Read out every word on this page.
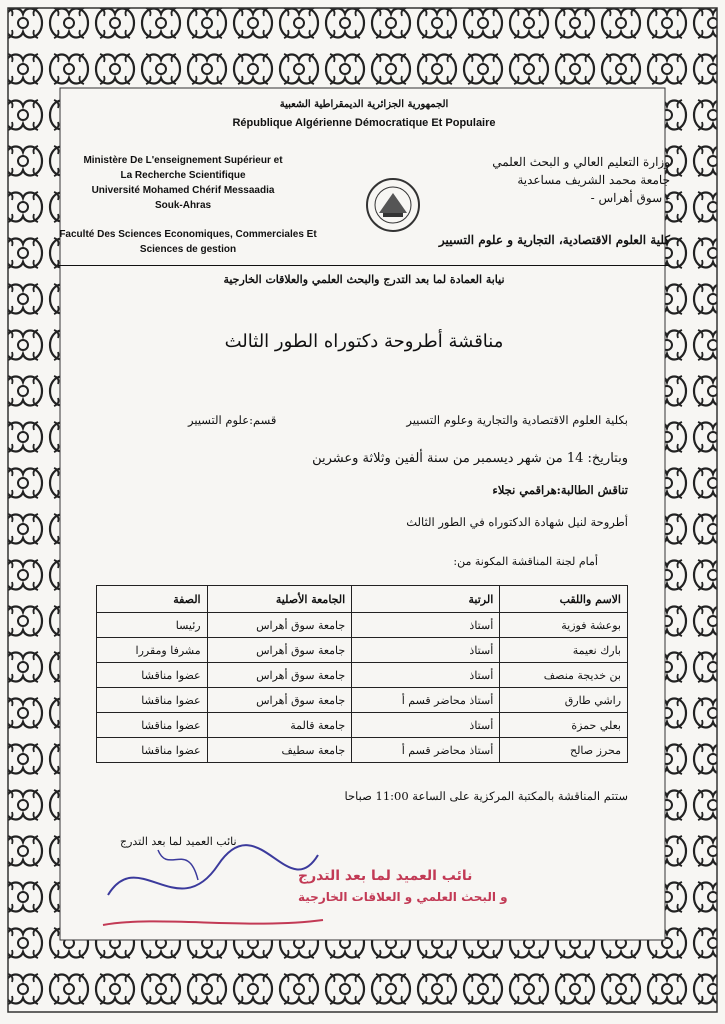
الجمهورية الجزائرية الديمقراطية الشعبية
République Algérienne Démocratique Et Populaire
Ministère De L'enseignement Supérieur et
La Recherche Scientifique
Université Mohamed Chérif Messaadia
Souk-Ahras
وزارة التعليم العالي و البحث العلمي
جامعة محمد الشريف مساعدية
- سوق أهراس -
Faculté Des Sciences Economiques, Commerciales Et
Sciences de gestion
كلية العلوم الاقتصادية، التجارية و علوم التسيير
نيابة العمادة لما بعد التدرج والبحث العلمي والعلاقات الخارجية
مناقشة أطروحة دكتوراه الطور الثالث
بكلية العلوم الاقتصادية والتجارية وعلوم التسيير
قسم:علوم التسيير
وبتاريخ: 14 من شهر ديسمبر من سنة ألفين وثلاثة وعشرين
تناقش الطالبة:هراقمي نجلاء
أطروحة لنيل شهادة الدكتوراه في الطور الثالث
أمام لجنة المناقشة المكونة من:
الاسم واللقب	الرتبة	الجامعة الأصلية	الصفة
بوعشة فوزية	أستاذ	جامعة سوق أهراس	رئيسا
بارك نعيمة	أستاذ	جامعة سوق أهراس	مشرفا ومقررا
بن خديجة منصف	أستاذ	جامعة سوق أهراس	عضوا مناقشا
راشي طارق	أستاذ محاضر قسم أ	جامعة سوق أهراس	عضوا مناقشا
بعلي حمزة	أستاذ	جامعة قالمة	عضوا مناقشا
محرز صالح	أستاذ محاضر قسم أ	جامعة سطيف	عضوا مناقشا
ستتم المناقشة بالمكتبة المركزية على الساعة 11:00 صباحا
نائب العميد لما بعد التدرج
و البحث العلمي و العلاقات الخارجية
نائب العميد لما بعد التدرج
